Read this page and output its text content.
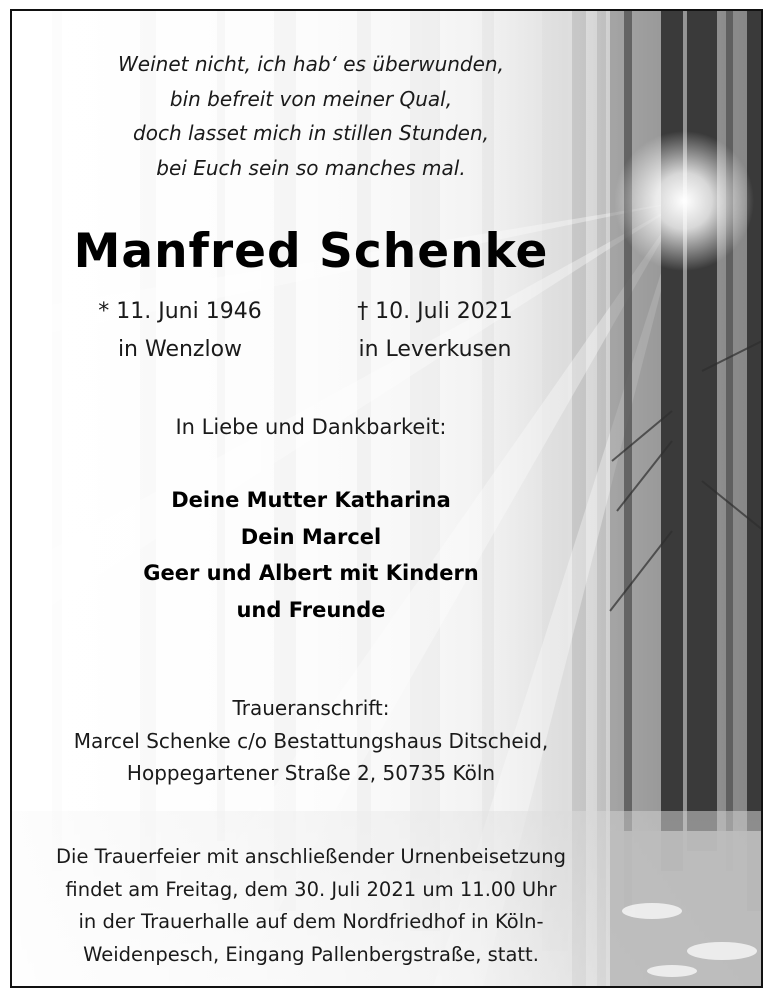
Weinet nicht, ich hab‘ es überwunden,
bin befreit von meiner Qual,
doch lasset mich in stillen Stunden,
bei Euch sein so manches mal.
Manfred Schenke
* 11. Juni 1946
in Wenzlow
† 10. Juli 2021
in Leverkusen
In Liebe und Dankbarkeit:
Deine Mutter Katharina
Dein Marcel
Geer und Albert mit Kindern
und Freunde
Traueranschrift:
Marcel Schenke c/o Bestattungshaus Ditscheid,
Hoppegartener Straße 2, 50735 Köln
Die Trauerfeier mit anschließender Urnenbeisetzung
findet am Freitag, dem 30. Juli 2021 um 11.00 Uhr
in der Trauerhalle auf dem Nordfriedhof in Köln-
Weidenpesch, Eingang Pallenbergstraße, statt.
